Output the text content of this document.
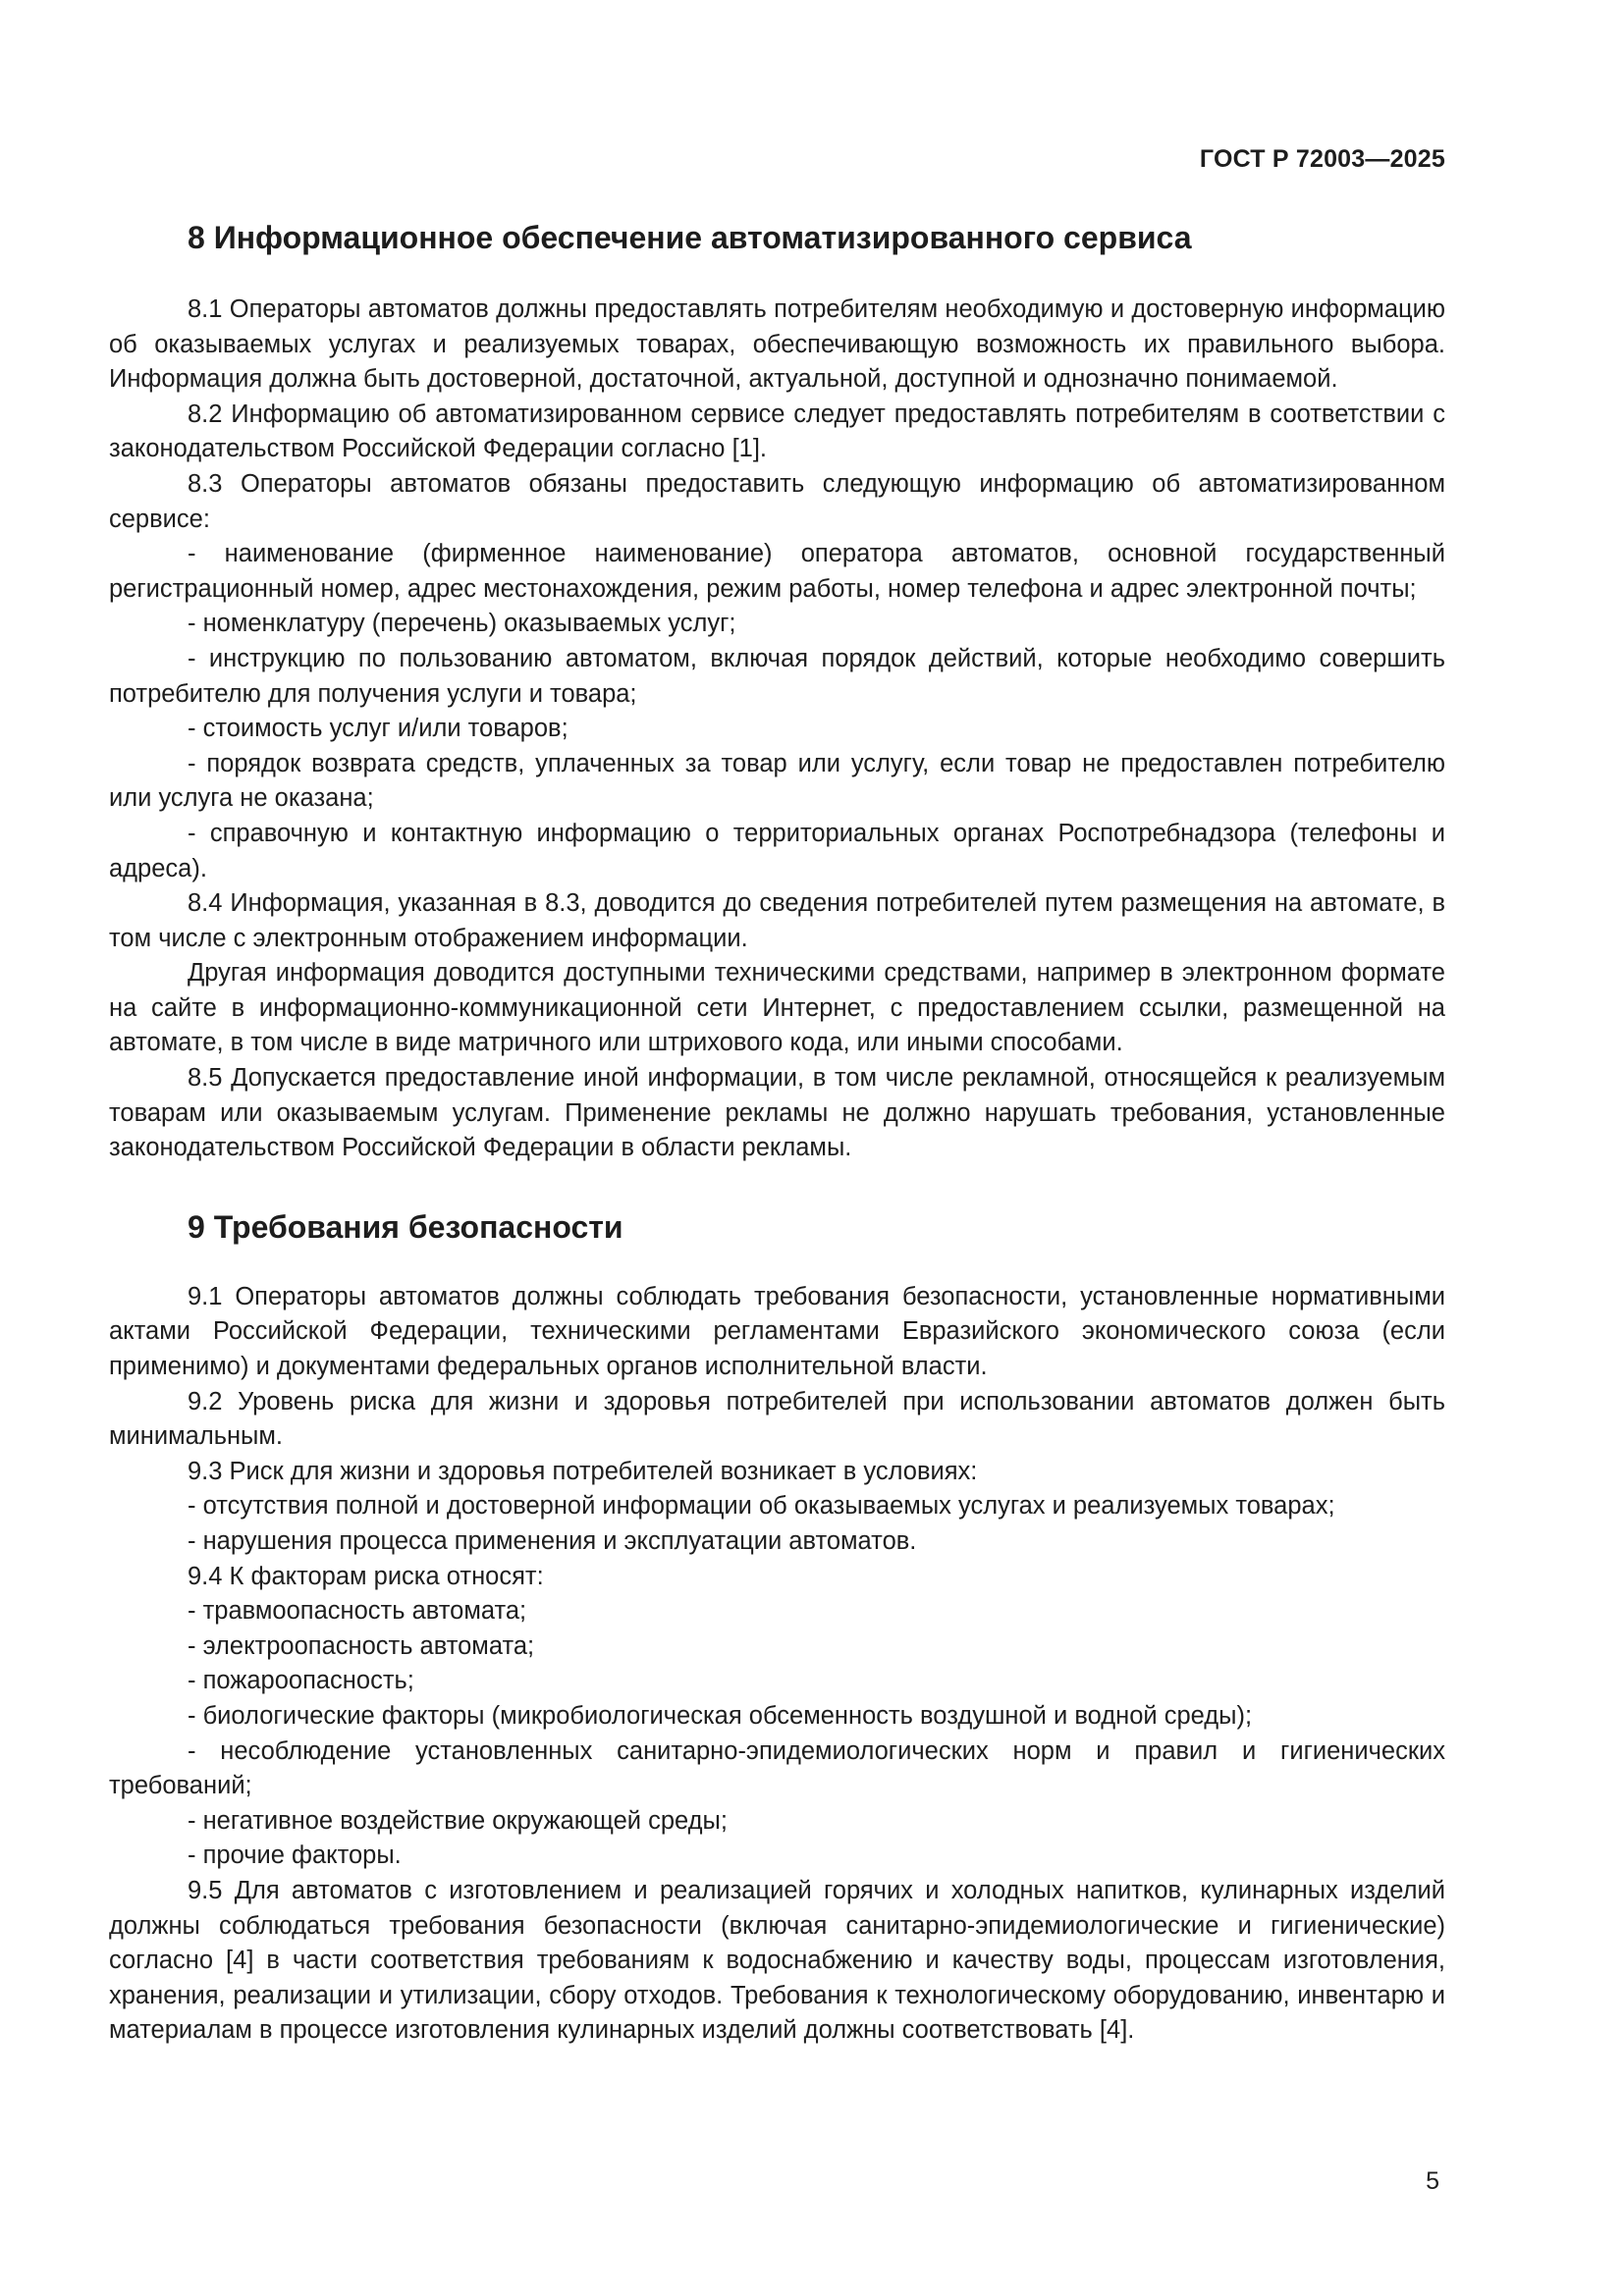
ГОСТ Р 72003—2025
8 Информационное обеспечение автоматизированного сервиса

8.1 Операторы автоматов должны предоставлять потребителям необходимую и достоверную информацию об оказываемых услугах и реализуемых товарах, обеспечивающую возможность их правильного выбора. Информация должна быть достоверной, достаточной, актуальной, доступной и однозначно понимаемой.

8.2 Информацию об автоматизированном сервисе следует предоставлять потребителям в соответствии с законодательством Российской Федерации согласно [1].

8.3 Операторы автоматов обязаны предоставить следующую информацию об автоматизированном сервисе:

- наименование (фирменное наименование) оператора автоматов, основной государственный регистрационный номер, адрес местонахождения, режим работы, номер телефона и адрес электронной почты;

- номенклатуру (перечень) оказываемых услуг;

- инструкцию по пользованию автоматом, включая порядок действий, которые необходимо совершить потребителю для получения услуги и товара;

- стоимость услуг и/или товаров;

- порядок возврата средств, уплаченных за товар или услугу, если товар не предоставлен потребителю или услуга не оказана;

- справочную и контактную информацию о территориальных органах Роспотребнадзора (телефоны и адреса).

8.4 Информация, указанная в 8.3, доводится до сведения потребителей путем размещения на автомате, в том числе с электронным отображением информации.

Другая информация доводится доступными техническими средствами, например в электронном формате на сайте в информационно-коммуникационной сети Интернет, с предоставлением ссылки, размещенной на автомате, в том числе в виде матричного или штрихового кода, или иными способами.

8.5 Допускается предоставление иной информации, в том числе рекламной, относящейся к реализуемым товарам или оказываемым услугам. Применение рекламы не должно нарушать требования, установленные законодательством Российской Федерации в области рекламы.

9 Требования безопасности

9.1 Операторы автоматов должны соблюдать требования безопасности, установленные нормативными актами Российской Федерации, техническими регламентами Евразийского экономического союза (если применимо) и документами федеральных органов исполнительной власти.

9.2 Уровень риска для жизни и здоровья потребителей при использовании автоматов должен быть минимальным.

9.3 Риск для жизни и здоровья потребителей возникает в условиях:

- отсутствия полной и достоверной информации об оказываемых услугах и реализуемых товарах;

- нарушения процесса применения и эксплуатации автоматов.

9.4 К факторам риска относят:

- травмоопасность автомата;

- электроопасность автомата;

- пожароопасность;

- биологические факторы (микробиологическая обсеменность воздушной и водной среды);

- несоблюдение установленных санитарно-эпидемиологических норм и правил и гигиенических требований;

- негативное воздействие окружающей среды;

- прочие факторы.

9.5 Для автоматов с изготовлением и реализацией горячих и холодных напитков, кулинарных изделий должны соблюдаться требования безопасности (включая санитарно-эпидемиологические и гигиенические) согласно [4] в части соответствия требованиям к водоснабжению и качеству воды, процессам изготовления, хранения, реализации и утилизации, сбору отходов. Требования к технологическому оборудованию, инвентарю и материалам в процессе изготовления кулинарных изделий должны соответствовать [4].

5
